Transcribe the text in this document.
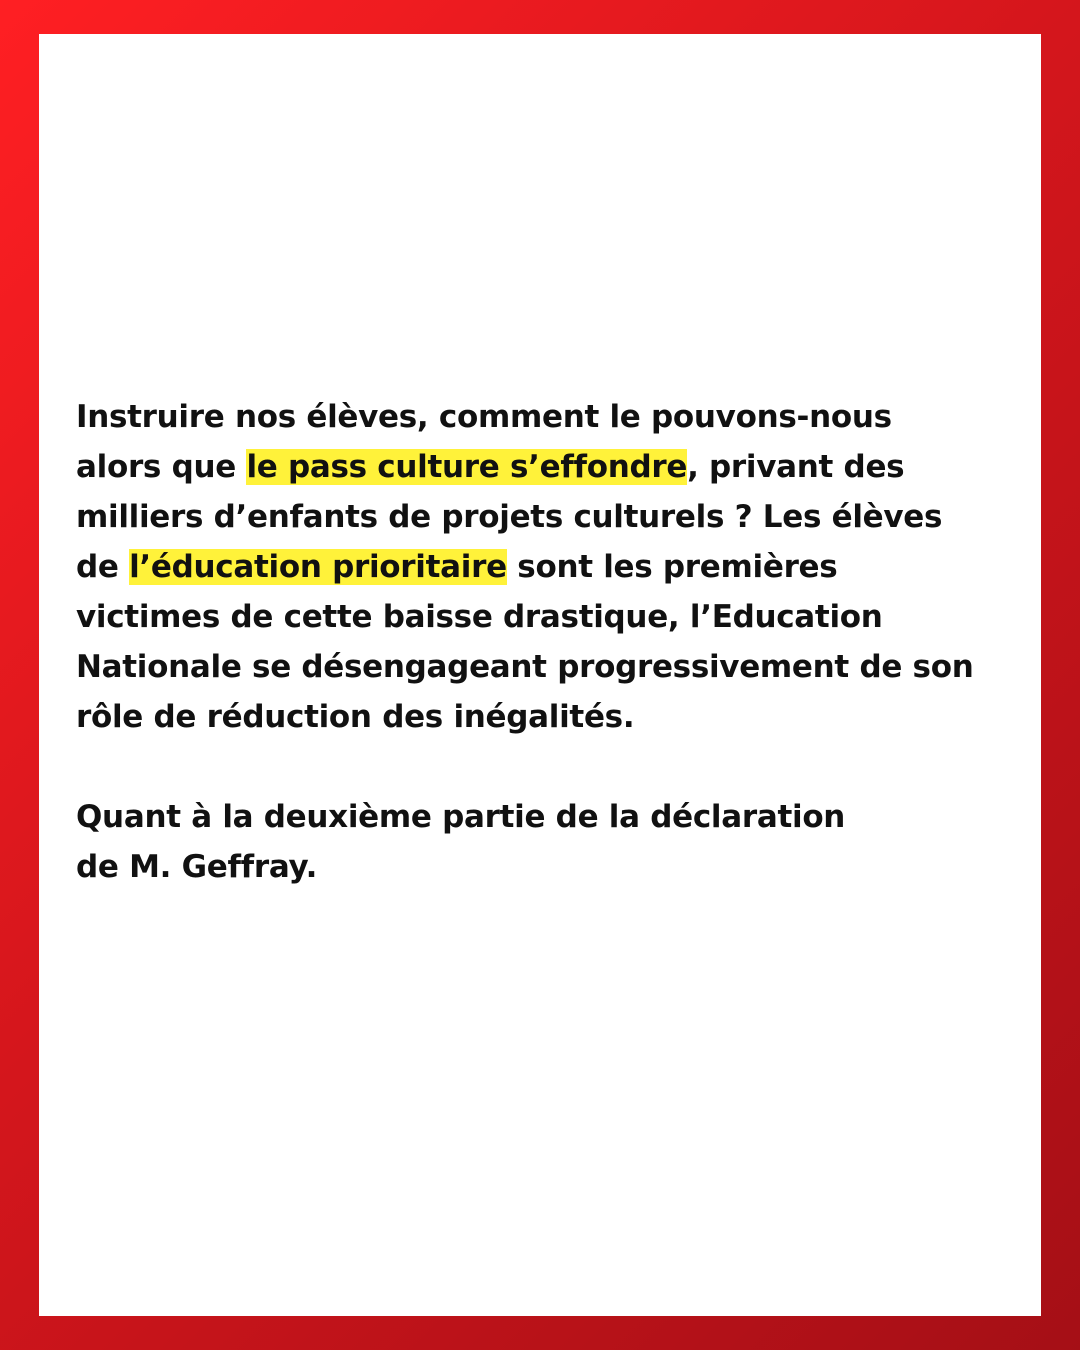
Instruire nos élèves, comment le pouvons-nous alors que le pass culture s’effondre, privant des milliers d’enfants de projets culturels ? Les élèves de l’éducation prioritaire sont les premières victimes de cette baisse drastique, l’Education Nationale se désengageant progressivement de son rôle de réduction des inégalités.

Quant à la deuxième partie de la déclaration
de M. Geffray.
